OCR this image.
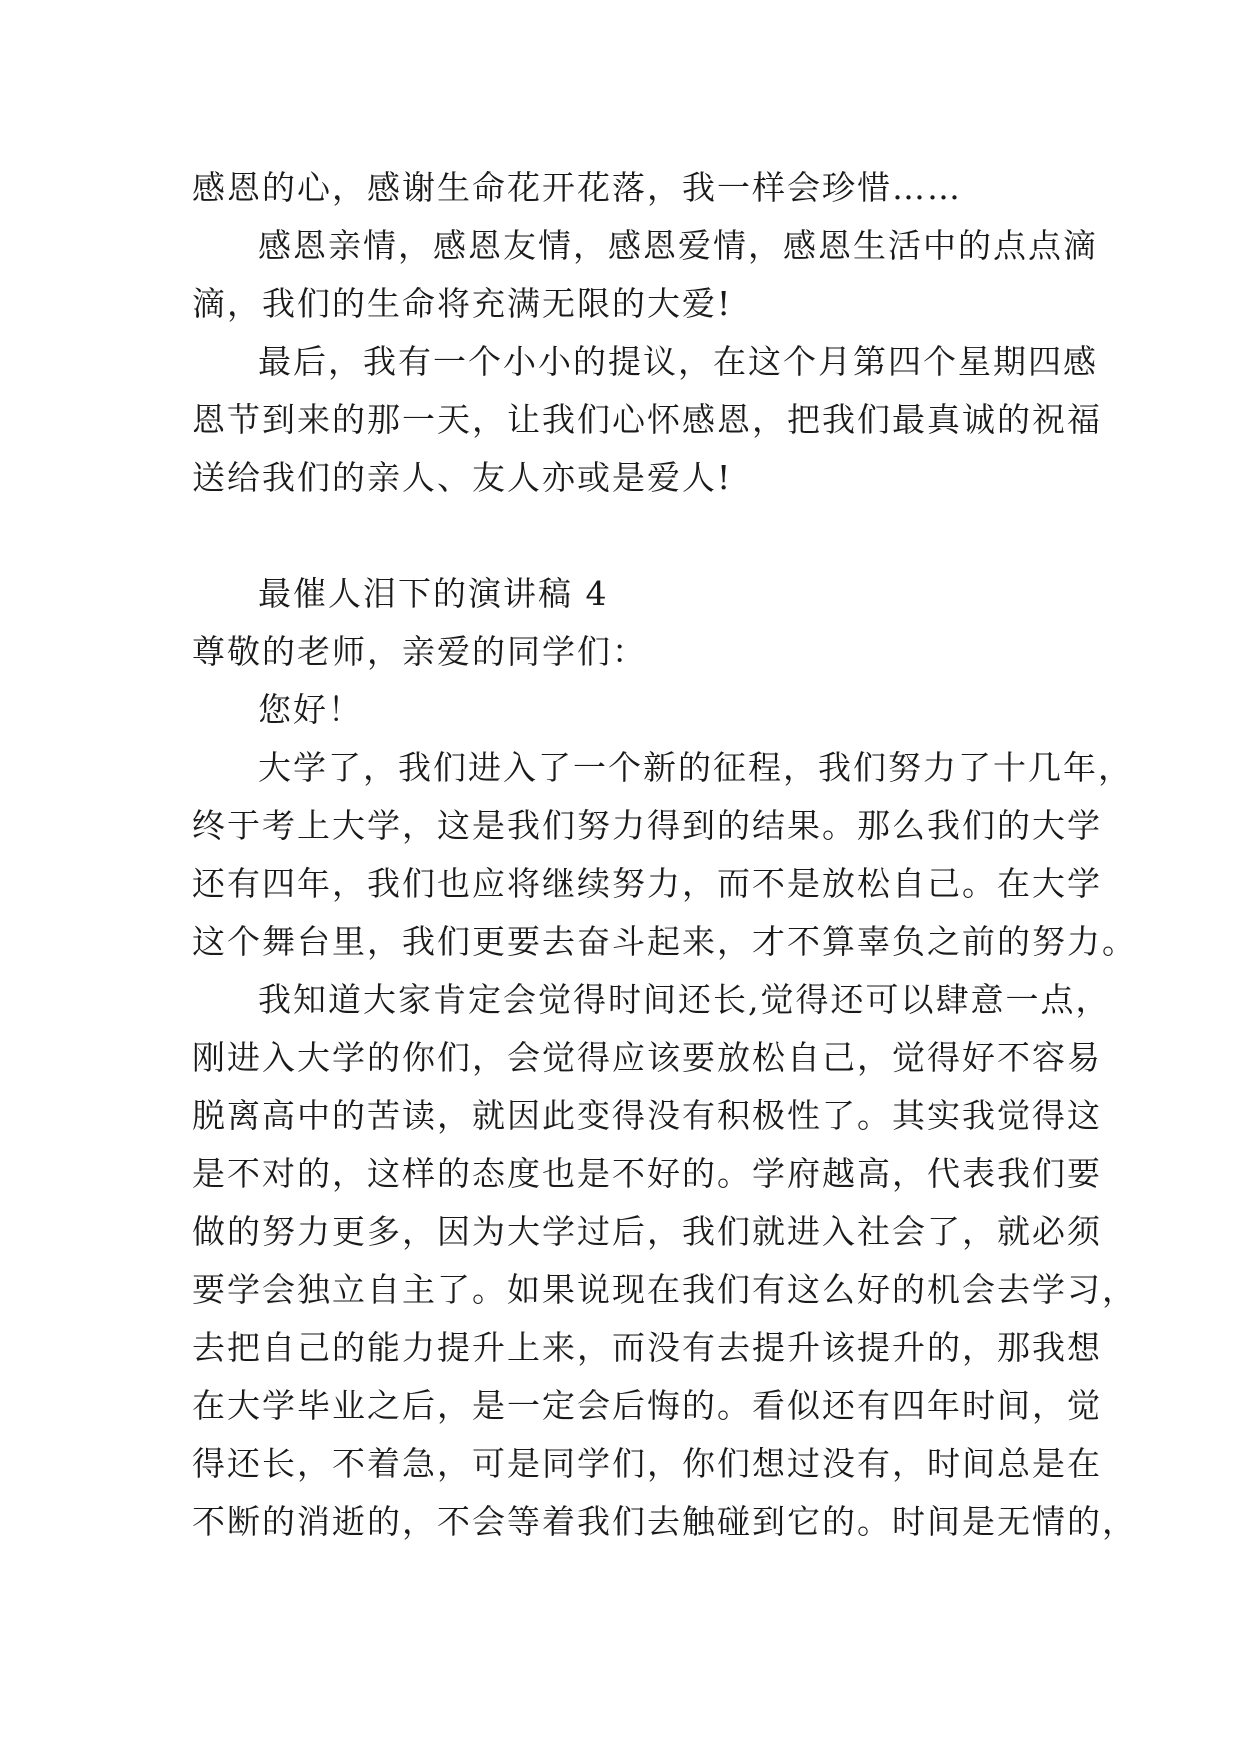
感恩的心，感谢生命花开花落，我一样会珍惜……
感恩亲情，感恩友情，感恩爱情，感恩生活中的点点滴
滴，我们的生命将充满无限的大爱!
最后，我有一个小小的提议，在这个月第四个星期四感
恩节到来的那一天，让我们心怀感恩，把我们最真诚的祝福
送给我们的亲人、友人亦或是爱人!
最催人泪下的演讲稿 4
尊敬的老师，亲爱的同学们：
您好！
大学了，我们进入了一个新的征程，我们努力了十几年，
终于考上大学，这是我们努力得到的结果。那么我们的大学
还有四年，我们也应将继续努力，而不是放松自己。在大学
这个舞台里，我们更要去奋斗起来，才不算辜负之前的努力。
我知道大家肯定会觉得时间还长,觉得还可以肆意一点，
刚进入大学的你们，会觉得应该要放松自己，觉得好不容易
脱离高中的苦读，就因此变得没有积极性了。其实我觉得这
是不对的，这样的态度也是不好的。学府越高，代表我们要
做的努力更多，因为大学过后，我们就进入社会了，就必须
要学会独立自主了。如果说现在我们有这么好的机会去学习，
去把自己的能力提升上来，而没有去提升该提升的，那我想
在大学毕业之后，是一定会后悔的。看似还有四年时间，觉
得还长，不着急，可是同学们，你们想过没有，时间总是在
不断的消逝的，不会等着我们去触碰到它的。时间是无情的，
